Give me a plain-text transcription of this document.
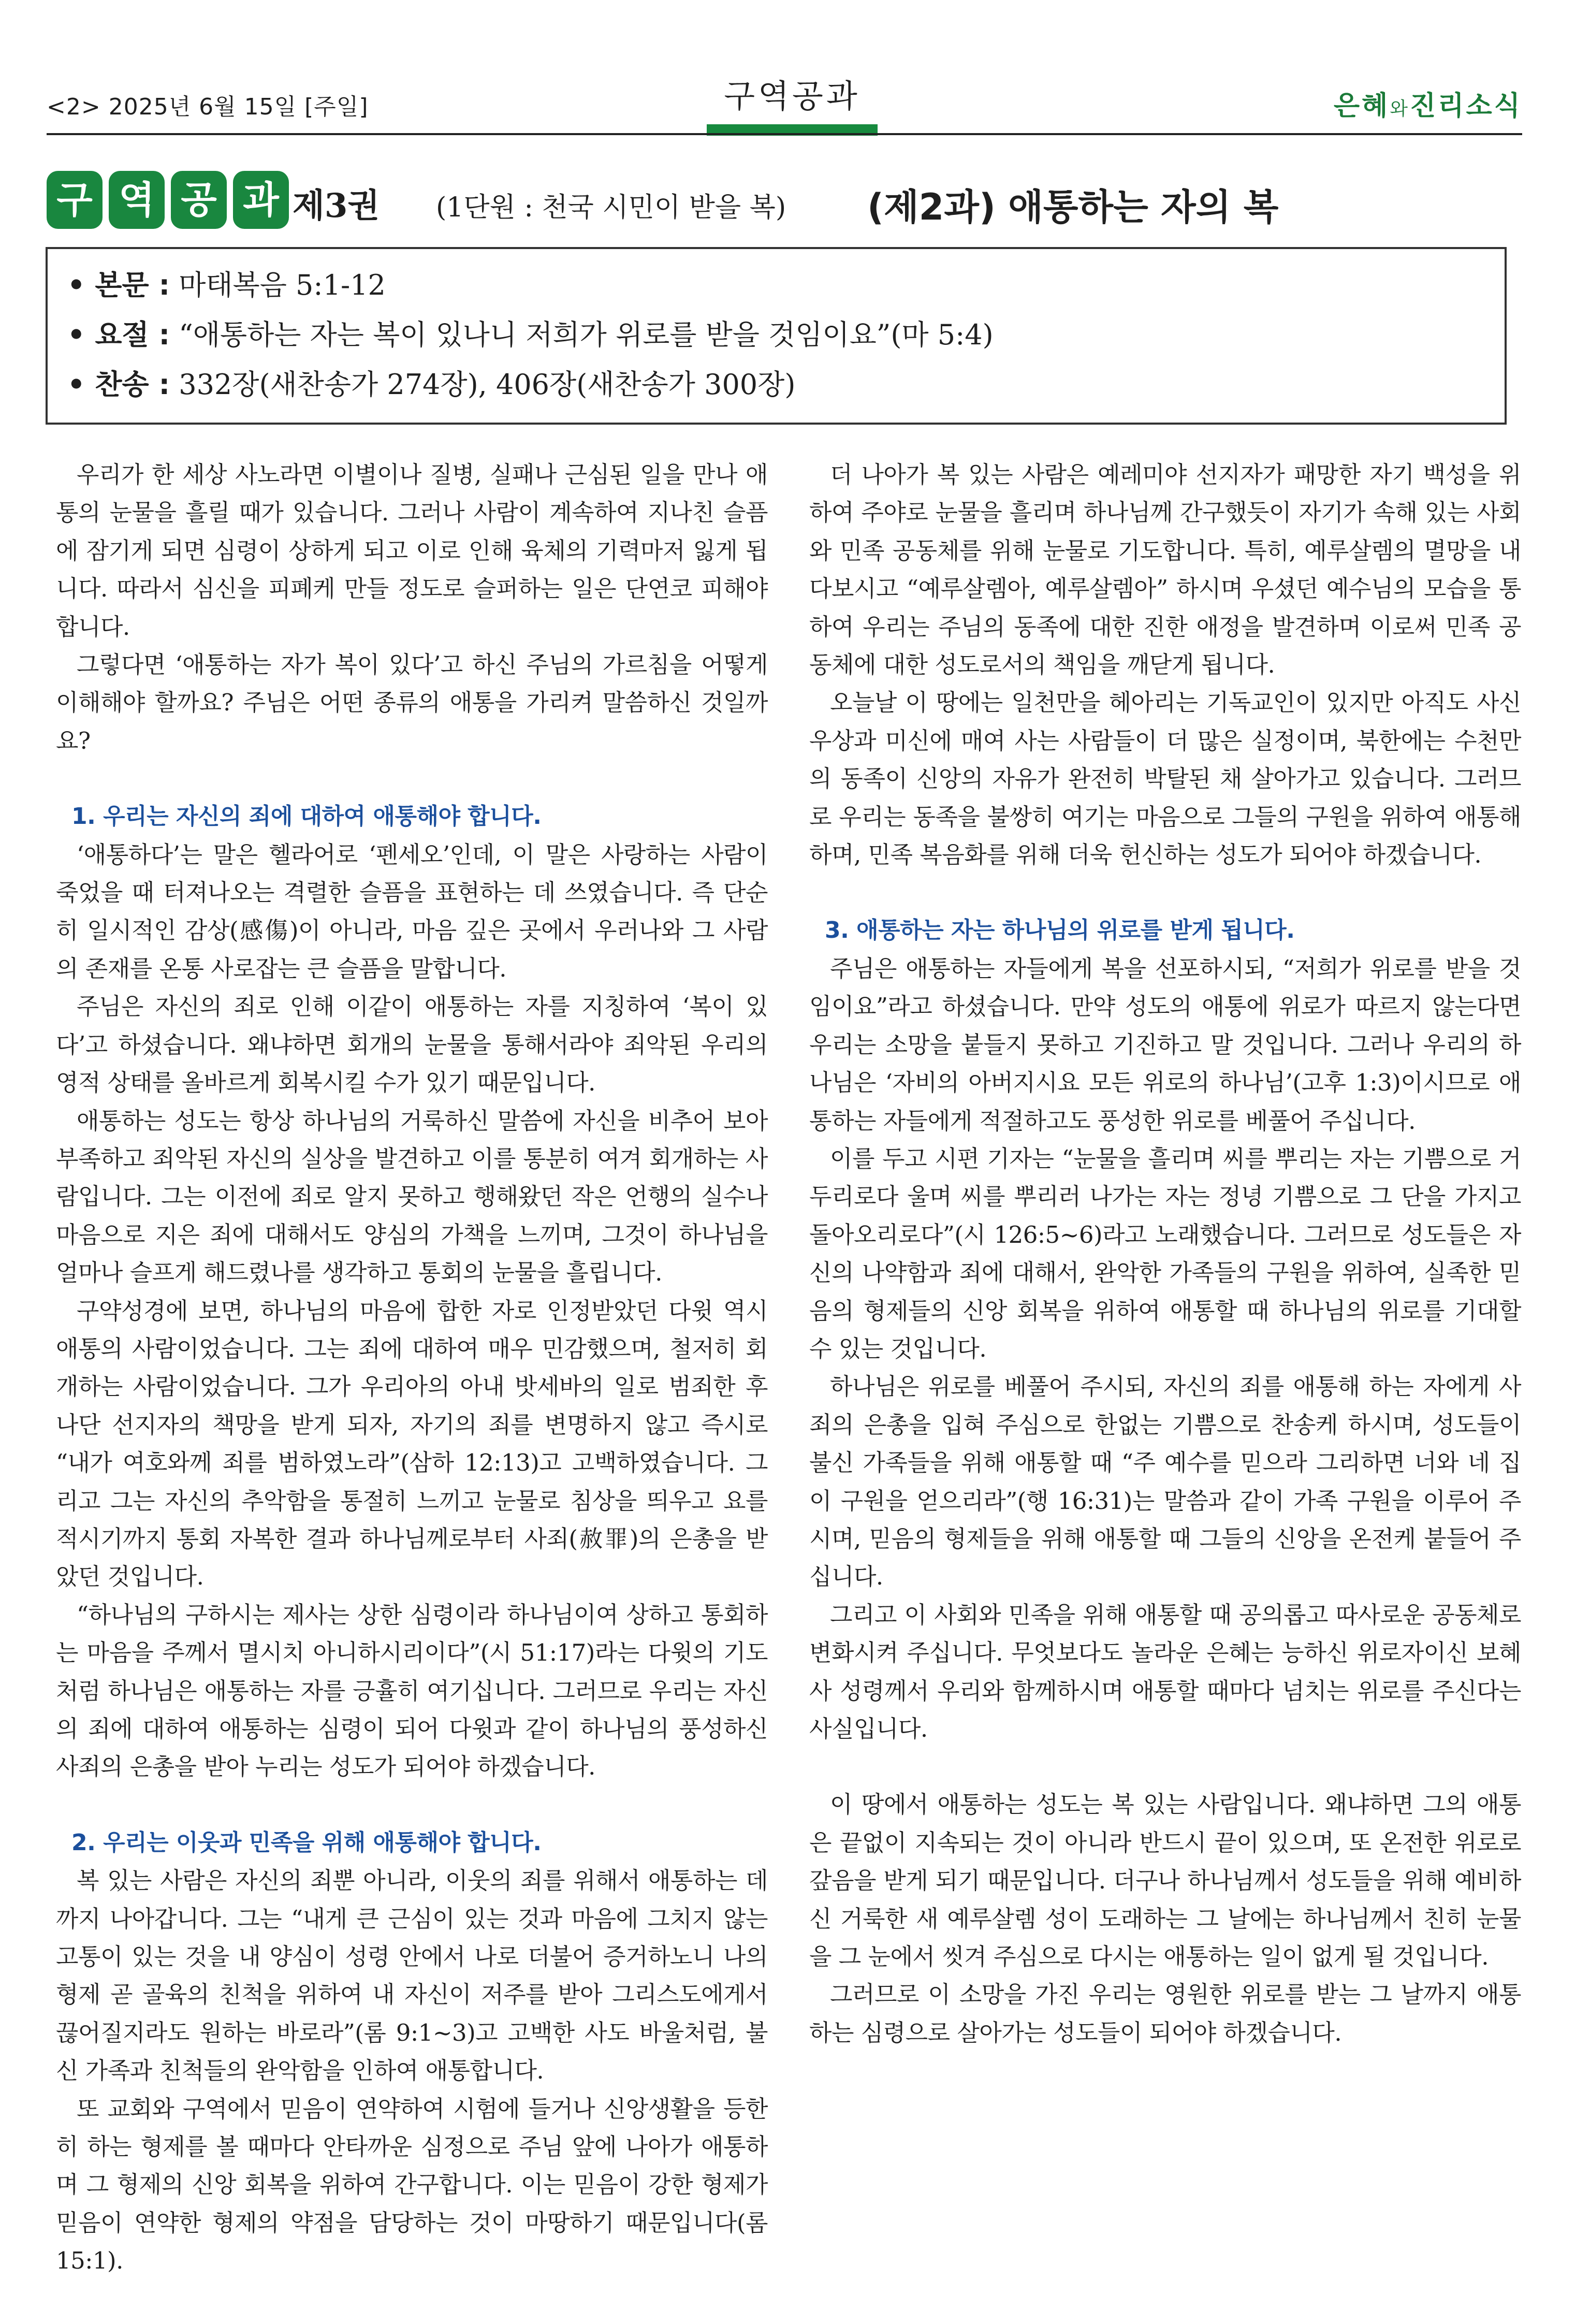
<2> 2025년 6월 15일 [주일]	구역공과	은혜와진리소식
구 역 공 과 제3권 (1단원 : 천국 시민이 받을 복) (제2과) 애통하는 자의 복
• 본문 : 마태복음 5:1-12
• 요절 : “애통하는 자는 복이 있나니 저희가 위로를 받을 것임이요”(마 5:4)
• 찬송 : 332장(새찬송가 274장), 406장(새찬송가 300장)

우리가 한 세상 사노라면 이별이나 질병, 실패나 근심된 일을 만나 애통의 눈물을 흘릴 때가 있습니다. 그러나 사람이 계속하여 지나친 슬픔에 잠기게 되면 심령이 상하게 되고 이로 인해 육체의 기력마저 잃게 됩니다. 따라서 심신을 피폐케 만들 정도로 슬퍼하는 일은 단연코 피해야 합니다.

그렇다면 ‘애통하는 자가 복이 있다’고 하신 주님의 가르침을 어떻게 이해해야 할까요? 주님은 어떤 종류의 애통을 가리켜 말씀하신 것일까요?

1. 우리는 자신의 죄에 대하여 애통해야 합니다.

‘애통하다’는 말은 헬라어로 ‘펜세오’인데, 이 말은 사랑하는 사람이 죽었을 때 터져나오는 격렬한 슬픔을 표현하는 데 쓰였습니다. 즉 단순히 일시적인 감상(感傷)이 아니라, 마음 깊은 곳에서 우러나와 그 사람의 존재를 온통 사로잡는 큰 슬픔을 말합니다.

주님은 자신의 죄로 인해 이같이 애통하는 자를 지칭하여 ‘복이 있다’고 하셨습니다. 왜냐하면 회개의 눈물을 통해서라야 죄악된 우리의 영적 상태를 올바르게 회복시킬 수가 있기 때문입니다.

애통하는 성도는 항상 하나님의 거룩하신 말씀에 자신을 비추어 보아 부족하고 죄악된 자신의 실상을 발견하고 이를 통분히 여겨 회개하는 사람입니다. 그는 이전에 죄로 알지 못하고 행해왔던 작은 언행의 실수나 마음으로 지은 죄에 대해서도 양심의 가책을 느끼며, 그것이 하나님을 얼마나 슬프게 해드렸나를 생각하고 통회의 눈물을 흘립니다.

구약성경에 보면, 하나님의 마음에 합한 자로 인정받았던 다윗 역시 애통의 사람이었습니다. 그는 죄에 대하여 매우 민감했으며, 철저히 회개하는 사람이었습니다. 그가 우리아의 아내 밧세바의 일로 범죄한 후 나단 선지자의 책망을 받게 되자, 자기의 죄를 변명하지 않고 즉시로 “내가 여호와께 죄를 범하였노라”(삼하 12:13)고 고백하였습니다. 그리고 그는 자신의 추악함을 통절히 느끼고 눈물로 침상을 띄우고 요를 적시기까지 통회 자복한 결과 하나님께로부터 사죄(赦罪)의 은총을 받았던 것입니다.

“하나님의 구하시는 제사는 상한 심령이라 하나님이여 상하고 통회하는 마음을 주께서 멸시치 아니하시리이다”(시 51:17)라는 다윗의 기도처럼 하나님은 애통하는 자를 긍휼히 여기십니다. 그러므로 우리는 자신의 죄에 대하여 애통하는 심령이 되어 다윗과 같이 하나님의 풍성하신 사죄의 은총을 받아 누리는 성도가 되어야 하겠습니다.

2. 우리는 이웃과 민족을 위해 애통해야 합니다.

복 있는 사람은 자신의 죄뿐 아니라, 이웃의 죄를 위해서 애통하는 데까지 나아갑니다. 그는 “내게 큰 근심이 있는 것과 마음에 그치지 않는 고통이 있는 것을 내 양심이 성령 안에서 나로 더불어 증거하노니 나의 형제 곧 골육의 친척을 위하여 내 자신이 저주를 받아 그리스도에게서 끊어질지라도 원하는 바로라”(롬 9:1~3)고 고백한 사도 바울처럼, 불신 가족과 친척들의 완악함을 인하여 애통합니다.

또 교회와 구역에서 믿음이 연약하여 시험에 들거나 신앙생활을 등한히 하는 형제를 볼 때마다 안타까운 심정으로 주님 앞에 나아가 애통하며 그 형제의 신앙 회복을 위하여 간구합니다. 이는 믿음이 강한 형제가 믿음이 연약한 형제의 약점을 담당하는 것이 마땅하기 때문입니다(롬 15:1).

더 나아가 복 있는 사람은 예레미야 선지자가 패망한 자기 백성을 위하여 주야로 눈물을 흘리며 하나님께 간구했듯이 자기가 속해 있는 사회와 민족 공동체를 위해 눈물로 기도합니다. 특히, 예루살렘의 멸망을 내다보시고 “예루살렘아, 예루살렘아” 하시며 우셨던 예수님의 모습을 통하여 우리는 주님의 동족에 대한 진한 애정을 발견하며 이로써 민족 공동체에 대한 성도로서의 책임을 깨닫게 됩니다.

오늘날 이 땅에는 일천만을 헤아리는 기독교인이 있지만 아직도 사신 우상과 미신에 매여 사는 사람들이 더 많은 실정이며, 북한에는 수천만의 동족이 신앙의 자유가 완전히 박탈된 채 살아가고 있습니다. 그러므로 우리는 동족을 불쌍히 여기는 마음으로 그들의 구원을 위하여 애통해 하며, 민족 복음화를 위해 더욱 헌신하는 성도가 되어야 하겠습니다.

3. 애통하는 자는 하나님의 위로를 받게 됩니다.

주님은 애통하는 자들에게 복을 선포하시되, “저희가 위로를 받을 것임이요”라고 하셨습니다. 만약 성도의 애통에 위로가 따르지 않는다면 우리는 소망을 붙들지 못하고 기진하고 말 것입니다. 그러나 우리의 하나님은 ‘자비의 아버지시요 모든 위로의 하나님’(고후 1:3)이시므로 애통하는 자들에게 적절하고도 풍성한 위로를 베풀어 주십니다.

이를 두고 시편 기자는 “눈물을 흘리며 씨를 뿌리는 자는 기쁨으로 거두리로다 울며 씨를 뿌리러 나가는 자는 정녕 기쁨으로 그 단을 가지고 돌아오리로다”(시 126:5~6)라고 노래했습니다. 그러므로 성도들은 자신의 나약함과 죄에 대해서, 완악한 가족들의 구원을 위하여, 실족한 믿음의 형제들의 신앙 회복을 위하여 애통할 때 하나님의 위로를 기대할 수 있는 것입니다.

하나님은 위로를 베풀어 주시되, 자신의 죄를 애통해 하는 자에게 사죄의 은총을 입혀 주심으로 한없는 기쁨으로 찬송케 하시며, 성도들이 불신 가족들을 위해 애통할 때 “주 예수를 믿으라 그리하면 너와 네 집이 구원을 얻으리라”(행 16:31)는 말씀과 같이 가족 구원을 이루어 주시며, 믿음의 형제들을 위해 애통할 때 그들의 신앙을 온전케 붙들어 주십니다.

그리고 이 사회와 민족을 위해 애통할 때 공의롭고 따사로운 공동체로 변화시켜 주십니다. 무엇보다도 놀라운 은혜는 능하신 위로자이신 보혜사 성령께서 우리와 함께하시며 애통할 때마다 넘치는 위로를 주신다는 사실입니다.

이 땅에서 애통하는 성도는 복 있는 사람입니다. 왜냐하면 그의 애통은 끝없이 지속되는 것이 아니라 반드시 끝이 있으며, 또 온전한 위로로 갚음을 받게 되기 때문입니다. 더구나 하나님께서 성도들을 위해 예비하신 거룩한 새 예루살렘 성이 도래하는 그 날에는 하나님께서 친히 눈물을 그 눈에서 씻겨 주심으로 다시는 애통하는 일이 없게 될 것입니다.

그러므로 이 소망을 가진 우리는 영원한 위로를 받는 그 날까지 애통하는 심령으로 살아가는 성도들이 되어야 하겠습니다.
